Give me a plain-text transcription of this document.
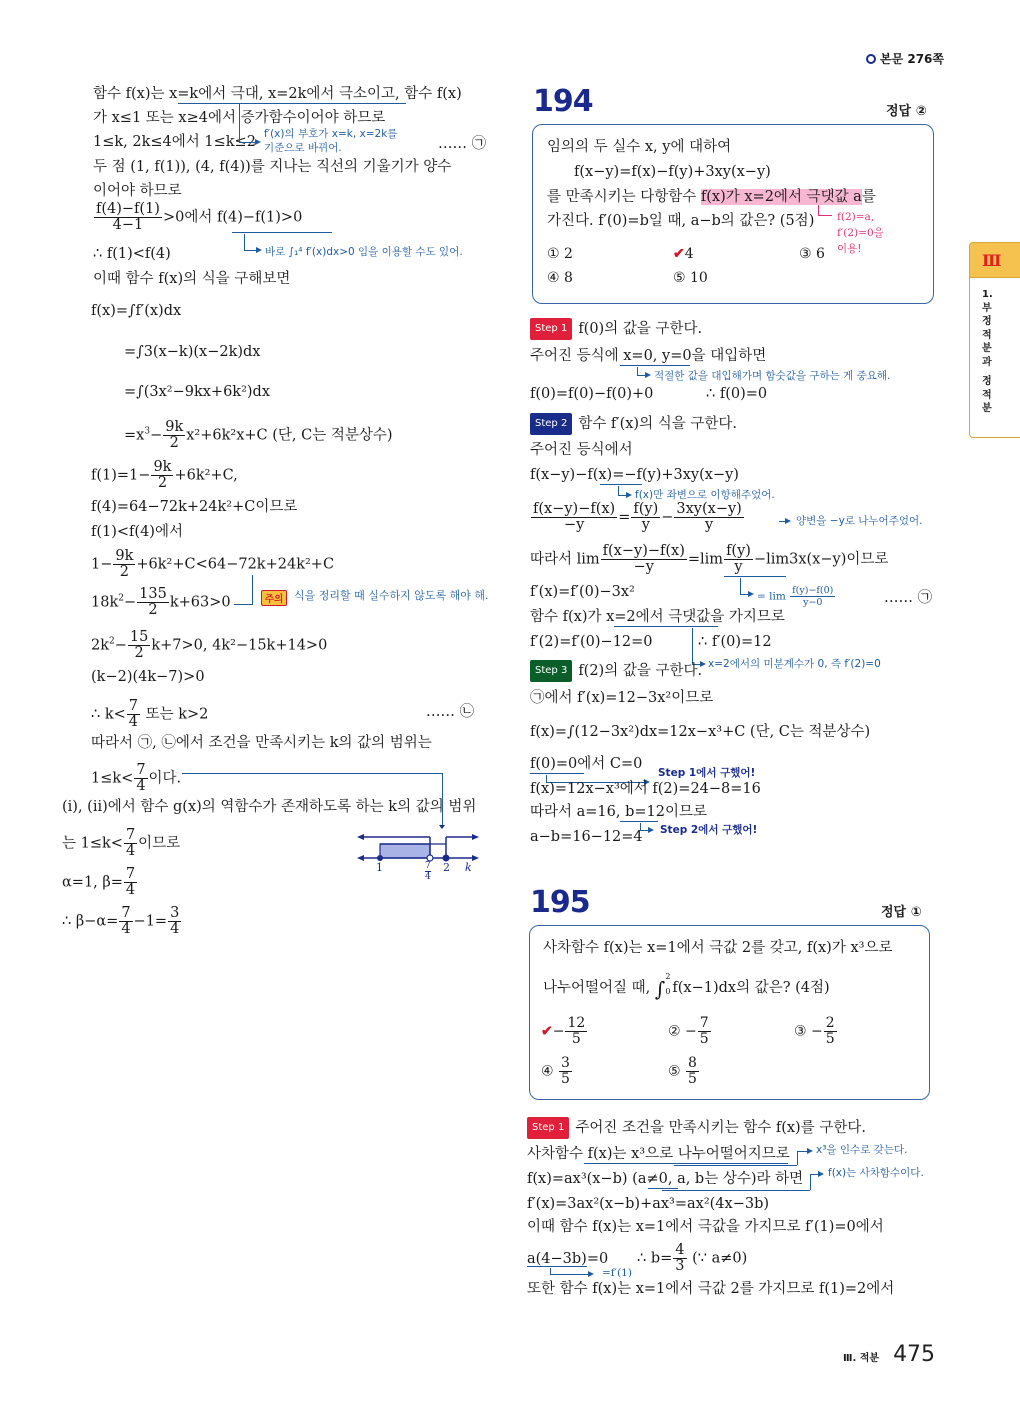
본문 276쪽
Ⅲ
1.
부
정
적
분
과
정
적
분
함수 f(x)는 x=k에서 극대, x=2k에서 극소이고, 함수 f(x)
가 x≤1 또는 x≥4에서 증가함수이어야 하므로
1≤k, 2k≤4에서 1≤k≤2 f′(x)의 부호가 x=k, x=2k를
기준으로 바뀌어.	…… ㉠
두 점 (1, f(1)), (4, f(4))를 지나는 직선의 기울기가 양수
이어야 하므로
$\frac{f(4)-f(1)}{4-1} >0$에서 f(4)−f(1)>0
∴ f(1)<f(4)	바로 ∫₁⁴ f′(x)dx>0 임을 이용할 수도 있어.
이때 함수 f(x)의 식을 구해보면
f(x)=∫f′(x)dx
=∫3(x−k)(x−2k)dx
=∫(3x²−9kx+6k²)dx
$=x^3- \frac{9k}{2} x^2+6k^2x+C$ (단, C는 적분상수)
$f(1)=1- \frac{9k}{2} +6k^2+C$,
f(4)=64−72k+24k²+C이므로
f(1)<f(4)에서
$1- \frac{9k}{2} +6k^2+C<64-72k+24k^2+C$
$18k^2- \frac{135}{2} k+63>0$	주의 식을 정리할 때 실수하지 않도록 해야 해.
$2k^2- \frac{15}{2} k+7>0$, 4k²−15k+14>0
(k−2)(4k−7)>0
∴ $k< \frac{7}{4}$ 또는 k>2	…… ㉡
따라서 ㉠, ㉡에서 조건을 만족시키는 k의 값의 범위는
$1\le k< \frac{7}{4}$ 이다.
(i), (ii)에서 함수 g(x)의 역함수가 존재하도록 하는 k의 값의 범위
는 $1\le k< \frac{7}{4}$ 이므로
α=1, $\beta= \frac{7}{4}$
∴ $\beta-\alpha= \frac{7}{4} -1= \frac{3}{4}$
1	7
4
2 k
194	정답 ②
임의의 두 실수 x, y에 대하여
f(x−y)=f(x)−f(y)+3xy(x−y)
를 만족시키는 다항함수 f(x)가 x=2에서 극댓값 a를
가진다. f′(0)=b일 때, a−b의 값은? (5점) f(2)=a,
f′(2)=0을
이용!
① 2	✔4	③ 6
④ 8	⑤ 10
Step 1 f(0)의 값을 구한다.
주어진 등식에 x=0, y=0을 대입하면
적절한 값을 대입해가며 함숫값을 구하는 게 중요해.
f(0)=f(0)−f(0)+0	∴ f(0)=0
Step 2 함수 f′(x)의 식을 구한다.
주어진 등식에서
f(x−y)−f(x)=−f(y)+3xy(x−y)
f(x)만 좌변으로 이항해주었어.
$\frac{f(x-y)-f(x)}{-y} = \frac{f(y)}{y} - \frac{3xy(x-y)}{y}$	양변을 −y로 나누어주었어.
따라서 $\lim \frac{f(x-y)-f(x)}{-y} =\lim \frac{f(y)}{y} -\lim 3x(x-y)$이므로
= $\lim \frac{f(y)-f(0)}{y-0}$
f′(x)=f′(0)−3x²	…… ㉠
함수 f(x)가 x=2에서 극댓값을 가지므로
f′(2)=f′(0)−12=0	∴ f′(0)=12
x=2에서의 미분계수가 0, 즉 f′(2)=0
Step 3 f(2)의 값을 구한다.
㉠에서 f′(x)=12−3x²이므로
f(x)=∫(12−3x²)dx=12x−x³+C (단, C는 적분상수)
f(0)=0에서 C=0
Step 1에서 구했어!
f(x)=12x−x³에서 f(2)=24−8=16
따라서 a=16, b=12이므로
Step 2에서 구했어!
a−b=16−12=4
195	정답 ①
사차함수 f(x)는 x=1에서 극값 2를 갖고, f(x)가 x³으로
나누어떨어질 때, ∫
2
0 f(x−1)dx의 값은? (4점)
✔− $\frac{12}{5}$	② − $\frac{7}{5}$	③ − $\frac{2}{5}$
④ $\frac{3}{5}$	⑤ $\frac{8}{5}$
Step 1 주어진 조건을 만족시키는 함수 f(x)를 구한다.
사차함수 f(x)는 x³으로 나누어떨어지므로 x³을 인수로 갖는다.
f(x)=ax³(x−b) (a≠0, a, b는 상수)라 하면 f(x)는 사차함수이다.
f′(x)=3ax²(x−b)+ax³=ax²(4x−3b)
이때 함수 f(x)는 x=1에서 극값을 가지므로 f′(1)=0에서
a(4−3b)=0
=f′(1)
∴ $b= \frac{4}{3}$ (∵ a≠0)
또한 함수 f(x)는 x=1에서 극값 2를 가지므로 f(1)=2에서
Ⅲ. 적분 475
